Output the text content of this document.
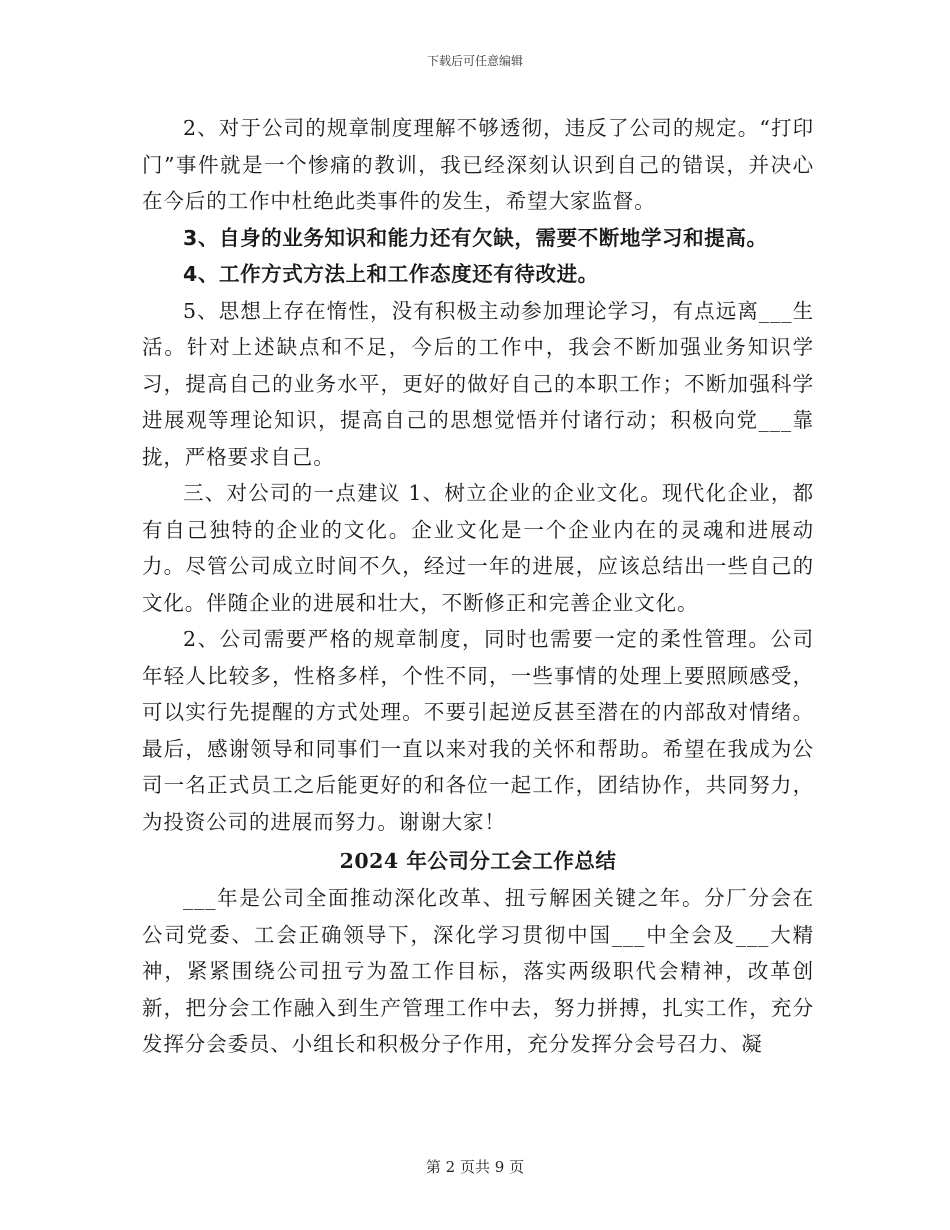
下载后可任意编辑

2、对于公司的规章制度理解不够透彻，违反了公司的规定。“打印门”事件就是一个惨痛的教训，我已经深刻认识到自己的错误，并决心在今后的工作中杜绝此类事件的发生，希望大家监督。

3、自身的业务知识和能力还有欠缺，需要不断地学习和提高。

4、工作方式方法上和工作态度还有待改进。

5、思想上存在惰性，没有积极主动参加理论学习，有点远离___生活。针对上述缺点和不足，今后的工作中，我会不断加强业务知识学习，提高自己的业务水平，更好的做好自己的本职工作；不断加强科学进展观等理论知识，提高自己的思想觉悟并付诸行动；积极向党___靠拢，严格要求自己。

三、对公司的一点建议 1、树立企业的企业文化。现代化企业，都有自己独特的企业的文化。企业文化是一个企业内在的灵魂和进展动力。尽管公司成立时间不久，经过一年的进展，应该总结出一些自己的文化。伴随企业的进展和壮大，不断修正和完善企业文化。

2、公司需要严格的规章制度，同时也需要一定的柔性管理。公司年轻人比较多，性格多样，个性不同，一些事情的处理上要照顾感受，可以实行先提醒的方式处理。不要引起逆反甚至潜在的内部敌对情绪。最后，感谢领导和同事们一直以来对我的关怀和帮助。希望在我成为公司一名正式员工之后能更好的和各位一起工作，团结协作，共同努力，为投资公司的进展而努力。谢谢大家！

2024 年公司分工会工作总结

___年是公司全面推动深化改革、扭亏解困关键之年。分厂分会在公司党委、工会正确领导下，深化学习贯彻中国___中全会及___大精神，紧紧围绕公司扭亏为盈工作目标，落实两级职代会精神，改革创新，把分会工作融入到生产管理工作中去，努力拼搏，扎实工作，充分发挥分会委员、小组长和积极分子作用，充分发挥分会号召力、凝

第 2 页共 9 页
